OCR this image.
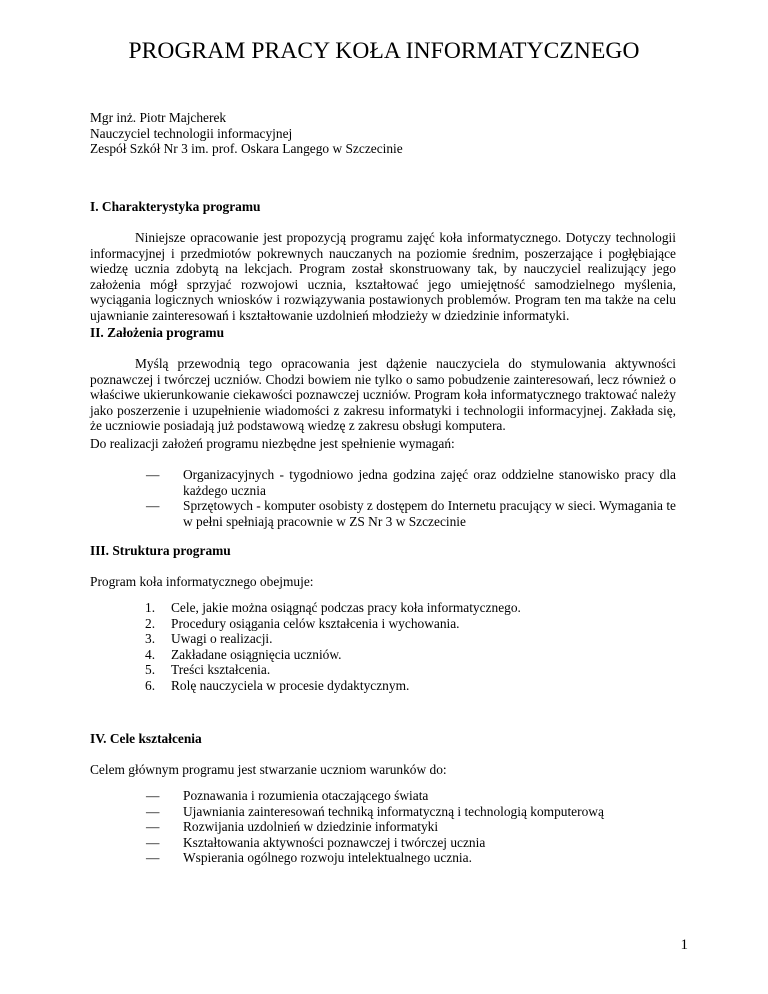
PROGRAM PRACY KOŁA INFORMATYCZNEGO
Mgr inż. Piotr Majcherek
Nauczyciel technologii informacyjnej
Zespół Szkół Nr 3 im. prof. Oskara Langego w Szczecinie
I. Charakterystyka programu
Niniejsze opracowanie jest propozycją programu zajęć koła informatycznego. Dotyczy technologii informacyjnej i przedmiotów pokrewnych nauczanych na poziomie średnim, poszerzające i pogłębiające wiedzę ucznia zdobytą na lekcjach. Program został skonstruowany tak, by nauczyciel realizujący jego założenia mógł sprzyjać rozwojowi ucznia, kształtować jego umiejętność samodzielnego myślenia, wyciągania logicznych wniosków i rozwiązywania postawionych problemów. Program ten ma także na celu ujawnianie zainteresowań i kształtowanie uzdolnień młodzieży w dziedzinie informatyki.
II. Założenia programu
Myślą przewodnią tego opracowania jest dążenie nauczyciela do stymulowania aktywności poznawczej i twórczej uczniów. Chodzi bowiem nie tylko o samo pobudzenie zainteresowań, lecz również o właściwe ukierunkowanie ciekawości poznawczej uczniów. Program koła informatycznego traktować należy jako poszerzenie i uzupełnienie wiadomości z zakresu informatyki i technologii informacyjnej. Zakłada się, że uczniowie posiadają już podstawową wiedzę z zakresu obsługi komputera.
Do realizacji założeń programu niezbędne jest spełnienie wymagań:
— Organizacyjnych - tygodniowo jedna godzina zajęć oraz oddzielne stanowisko pracy dla każdego ucznia
— Sprzętowych - komputer osobisty z dostępem do Internetu pracujący w sieci. Wymagania te w pełni spełniają pracownie w ZS Nr 3 w Szczecinie
III. Struktura programu
Program koła informatycznego obejmuje:
1. Cele, jakie można osiągnąć podczas pracy koła informatycznego.
2. Procedury osiągania celów kształcenia i wychowania.
3. Uwagi o realizacji.
4. Zakładane osiągnięcia uczniów.
5. Treści kształcenia.
6. Rolę nauczyciela w procesie dydaktycznym.
IV. Cele kształcenia
Celem głównym programu jest stwarzanie uczniom warunków do:
— Poznawania i rozumienia otaczającego świata
— Ujawniania zainteresowań techniką informatyczną i technologią komputerową
— Rozwijania uzdolnień w dziedzinie informatyki
— Kształtowania aktywności poznawczej i twórczej ucznia
— Wspierania ogólnego rozwoju intelektualnego ucznia.
1
